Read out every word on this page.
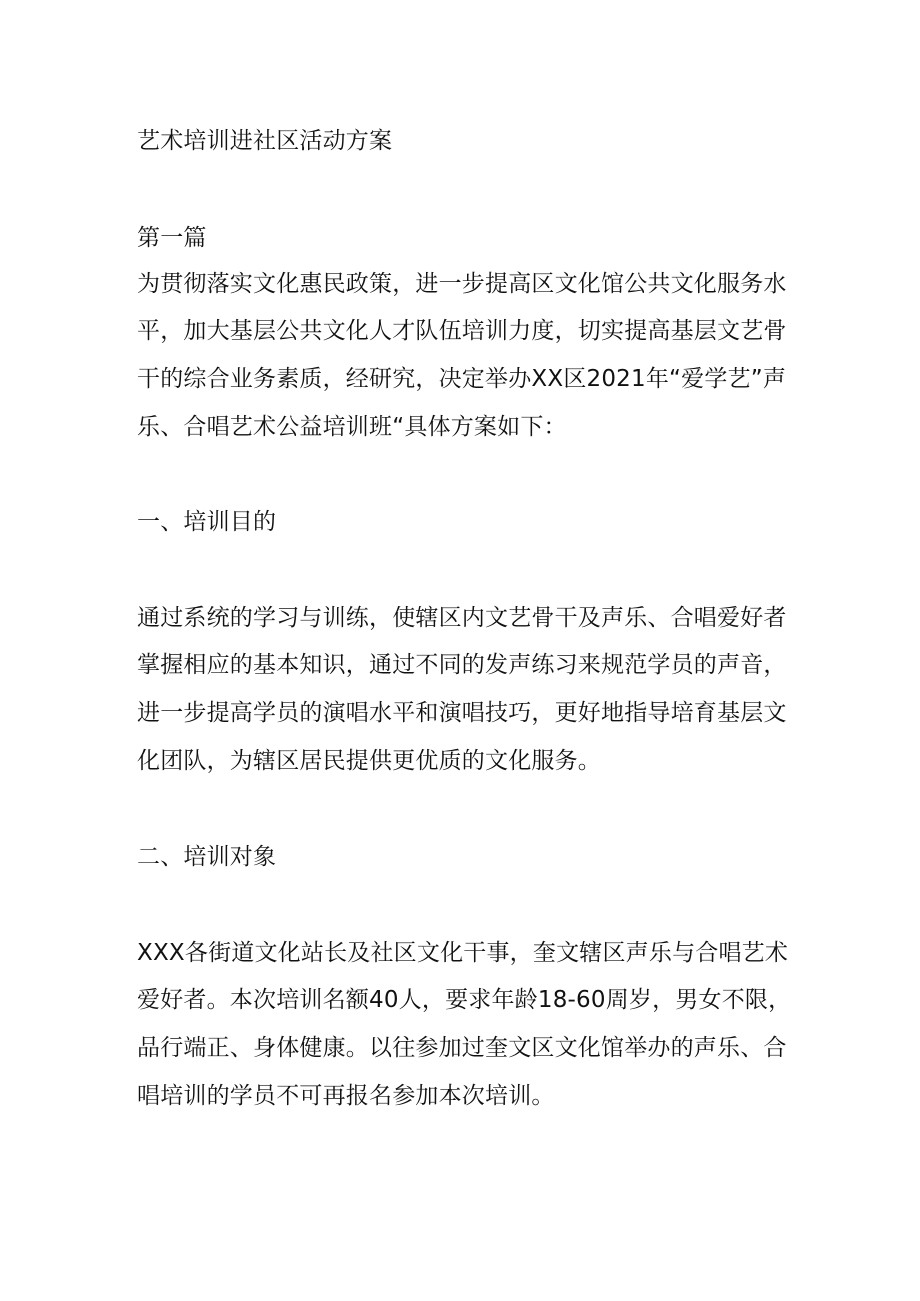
艺术培训进社区活动方案
第一篇
为贯彻落实文化惠民政策，进一步提高区文化馆公共文化服务水
平，加大基层公共文化人才队伍培训力度，切实提高基层文艺骨
干的综合业务素质，经研究，决定举办XX区2021年“爱学艺”声
乐、合唱艺术公益培训班“具体方案如下：
一、培训目的
通过系统的学习与训练，使辖区内文艺骨干及声乐、合唱爱好者
掌握相应的基本知识，通过不同的发声练习来规范学员的声音，
进一步提高学员的演唱水平和演唱技巧，更好地指导培育基层文
化团队，为辖区居民提供更优质的文化服务。
二、培训对象
XXX各街道文化站长及社区文化干事，奎文辖区声乐与合唱艺术
爱好者。本次培训名额40人，要求年龄18-60周岁，男女不限，
品行端正、身体健康。以往参加过奎文区文化馆举办的声乐、合
唱培训的学员不可再报名参加本次培训。
